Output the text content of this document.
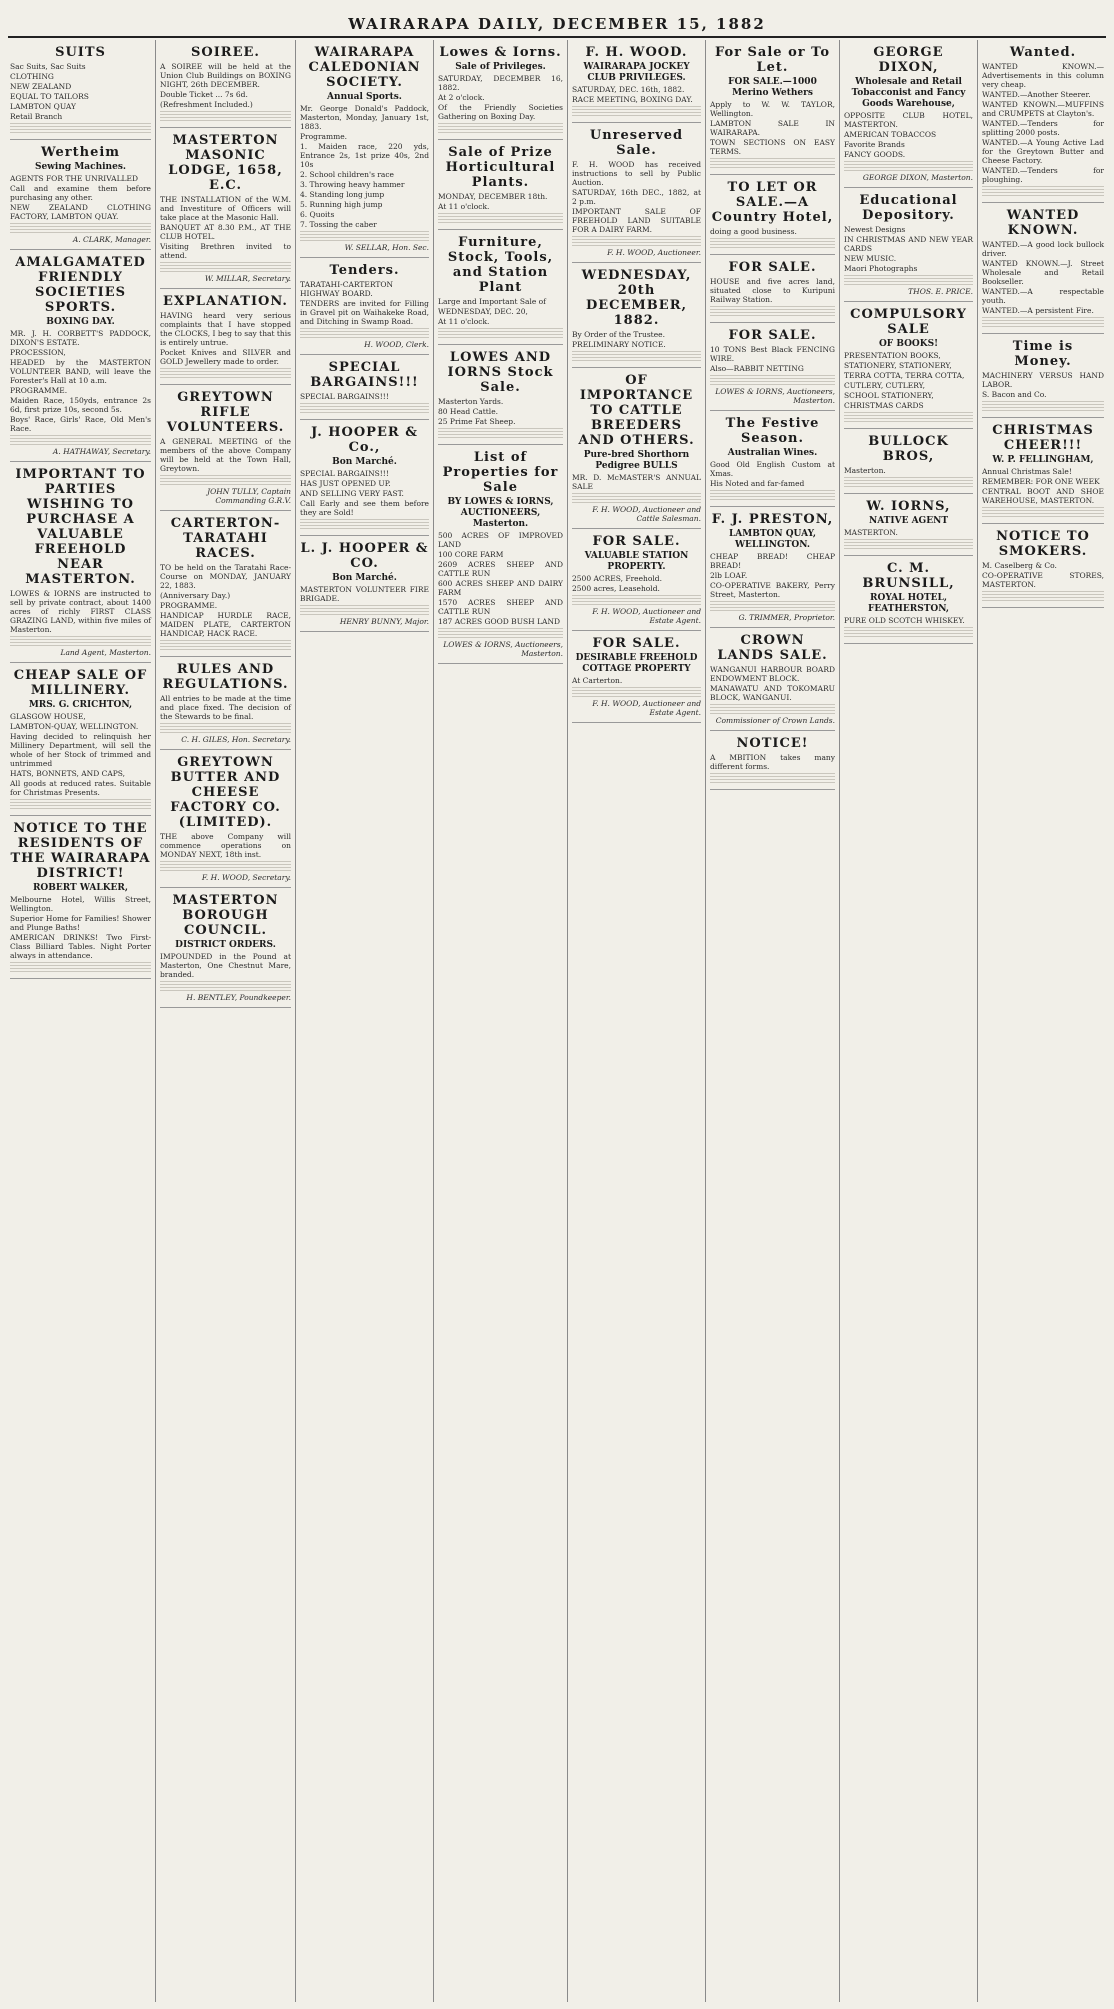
WAIRARAPA DAILY, DECEMBER 15, 1882
SUITS

Sac Suits, Sac Suits

CLOTHING

NEW ZEALAND

EQUAL TO TAILORS

LAMBTON QUAY

Retail Branch

Wertheim
Sewing Machines.

AGENTS FOR THE UNRIVALLED

Call and examine them before purchasing any other.

NEW ZEALAND CLOTHING FACTORY, LAMBTON QUAY.

A. CLARK, Manager.

AMALGAMATED FRIENDLY SOCIETIES SPORTS.
BOXING DAY.

MR. J. H. CORBETT'S PADDOCK, DIXON'S ESTATE.

PROCESSION,

HEADED by the MASTERTON VOLUNTEER BAND, will leave the Forester's Hall at 10 a.m.

PROGRAMME.

Maiden Race, 150yds, entrance 2s 6d, first prize 10s, second 5s.

Boys' Race, Girls' Race, Old Men's Race.

A. HATHAWAY, Secretary.

IMPORTANT TO PARTIES WISHING TO PURCHASE A VALUABLE FREEHOLD NEAR MASTERTON.

LOWES & IORNS are instructed to sell by private contract, about 1400 acres of richly FIRST CLASS GRAZING LAND, within five miles of Masterton.

Land Agent, Masterton.

CHEAP SALE OF MILLINERY.
MRS. G. CRICHTON,

GLASGOW HOUSE,

LAMBTON-QUAY, WELLINGTON.

Having decided to relinquish her Millinery Department, will sell the whole of her Stock of trimmed and untrimmed

HATS, BONNETS, AND CAPS,

All goods at reduced rates. Suitable for Christmas Presents.

NOTICE TO THE RESIDENTS OF THE WAIRARAPA DISTRICT!
ROBERT WALKER,

Melbourne Hotel, Willis Street, Wellington.

Superior Home for Families! Shower and Plunge Baths!

AMERICAN DRINKS! Two First-Class Billiard Tables. Night Porter always in attendance.

SOIREE.

A SOIREE will be held at the Union Club Buildings on BOXING NIGHT, 26th DECEMBER.

Double Ticket ... 7s 6d.

(Refreshment Included.)

MASTERTON MASONIC LODGE, 1658, E.C.

THE INSTALLATION of the W.M. and Investiture of Officers will take place at the Masonic Hall.

BANQUET AT 8.30 P.M., AT THE CLUB HOTEL.

Visiting Brethren invited to attend.

W. MILLAR, Secretary.

EXPLANATION.

HAVING heard very serious complaints that I have stopped the CLOCKS, I beg to say that this is entirely untrue.

Pocket Knives and SILVER and GOLD Jewellery made to order.

GREYTOWN RIFLE VOLUNTEERS.

A GENERAL MEETING of the members of the above Company will be held at the Town Hall, Greytown.

JOHN TULLY, Captain Commanding G.R.V.

CARTERTON-TARATAHI RACES.

TO be held on the Taratahi Race-Course on MONDAY, JANUARY 22, 1883.

(Anniversary Day.)

PROGRAMME.

HANDICAP HURDLE RACE, MAIDEN PLATE, CARTERTON HANDICAP, HACK RACE.

RULES AND REGULATIONS.

All entries to be made at the time and place fixed. The decision of the Stewards to be final.

C. H. GILES, Hon. Secretary.

GREYTOWN BUTTER AND CHEESE FACTORY CO. (LIMITED).

THE above Company will commence operations on MONDAY NEXT, 18th inst.

F. H. WOOD, Secretary.

MASTERTON BOROUGH COUNCIL.
DISTRICT ORDERS.

IMPOUNDED in the Pound at Masterton, One Chestnut Mare, branded.

H. BENTLEY, Poundkeeper.

WAIRARAPA CALEDONIAN SOCIETY.
Annual Sports.

Mr. George Donald's Paddock, Masterton, Monday, January 1st, 1883.

Programme.

1. Maiden race, 220 yds, Entrance 2s, 1st prize 40s, 2nd 10s

2. School children's race

3. Throwing heavy hammer

4. Standing long jump

5. Running high jump

6. Quoits

7. Tossing the caber

W. SELLAR, Hon. Sec.

Tenders.

TARATAHI-CARTERTON HIGHWAY BOARD.

TENDERS are invited for Filling in Gravel pit on Waihakeke Road, and Ditching in Swamp Road.

H. WOOD, Clerk.

SPECIAL BARGAINS!!!

SPECIAL BARGAINS!!!

J. HOOPER & Co.,
Bon Marché.

SPECIAL BARGAINS!!!

HAS JUST OPENED UP.

AND SELLING VERY FAST.

Call Early and see them before they are Sold!

L. J. HOOPER & CO.
Bon Marché.

MASTERTON VOLUNTEER FIRE BRIGADE.

HENRY BUNNY, Major.

Lowes & Iorns.
Sale of Privileges.

SATURDAY, DECEMBER 16, 1882.

At 2 o'clock.

Of the Friendly Societies Gathering on Boxing Day.

Sale of Prize Horticultural Plants.

MONDAY, DECEMBER 18th.

At 11 o'clock.

Furniture, Stock, Tools, and Station Plant

Large and Important Sale of

WEDNESDAY, DEC. 20,

At 11 o'clock.

LOWES AND IORNS Stock Sale.

Masterton Yards.

80 Head Cattle.

25 Prime Fat Sheep.

List of Properties for Sale
BY LOWES & IORNS, AUCTIONEERS, Masterton.

500 ACRES OF IMPROVED LAND

100 CORE FARM

2609 ACRES SHEEP AND CATTLE RUN

600 ACRES SHEEP AND DAIRY FARM

1570 ACRES SHEEP AND CATTLE RUN

187 ACRES GOOD BUSH LAND

LOWES & IORNS, Auctioneers, Masterton.

F. H. WOOD.
WAIRARAPA JOCKEY CLUB PRIVILEGES.

SATURDAY, DEC. 16th, 1882.

RACE MEETING, BOXING DAY.

Unreserved Sale.

F. H. WOOD has received instructions to sell by Public Auction.

SATURDAY, 16th DEC., 1882, at 2 p.m.

IMPORTANT SALE OF FREEHOLD LAND SUITABLE FOR A DAIRY FARM.

F. H. WOOD, Auctioneer.

WEDNESDAY, 20th DECEMBER, 1882.

By Order of the Trustee.

PRELIMINARY NOTICE.

OF IMPORTANCE TO CATTLE BREEDERS AND OTHERS.
Pure-bred Shorthorn Pedigree BULLS

MR. D. McMASTER'S ANNUAL SALE

F. H. WOOD, Auctioneer and Cattle Salesman.

FOR SALE.
VALUABLE STATION PROPERTY.

2500 ACRES, Freehold.

2500 acres, Leasehold.

F. H. WOOD, Auctioneer and Estate Agent.

FOR SALE.
DESIRABLE FREEHOLD COTTAGE PROPERTY

At Carterton.

F. H. WOOD, Auctioneer and Estate Agent.

For Sale or To Let.
FOR SALE.—1000 Merino Wethers

Apply to W. W. TAYLOR, Wellington.

LAMBTON SALE IN WAIRARAPA.

TOWN SECTIONS ON EASY TERMS.

TO LET OR SALE.—A Country Hotel,

doing a good business.

FOR SALE.

HOUSE and five acres land, situated close to Kuripuni Railway Station.

FOR SALE.

10 TONS Best Black FENCING WIRE.

Also—RABBIT NETTING

LOWES & IORNS, Auctioneers, Masterton.

The Festive Season.
Australian Wines.

Good Old English Custom at Xmas.

His Noted and far-famed

F. J. PRESTON,
LAMBTON QUAY, WELLINGTON.

CHEAP BREAD! CHEAP BREAD!

2lb LOAF.

CO-OPERATIVE BAKERY, Perry Street, Masterton.

G. TRIMMER, Proprietor.

CROWN LANDS SALE.

WANGANUI HARBOUR BOARD ENDOWMENT BLOCK.

MANAWATU AND TOKOMARU BLOCK, WANGANUI.

Commissioner of Crown Lands.

NOTICE!

A MBITION takes many different forms.

GEORGE DIXON,
Wholesale and Retail Tobacconist and Fancy Goods Warehouse,

OPPOSITE CLUB HOTEL, MASTERTON.

AMERICAN TOBACCOS

Favorite Brands

FANCY GOODS.

GEORGE DIXON, Masterton.

Educational Depository.

Newest Designs

IN CHRISTMAS AND NEW YEAR CARDS

NEW MUSIC.

Maori Photographs

THOS. E. PRICE.

COMPULSORY SALE
OF BOOKS!

PRESENTATION BOOKS,

STATIONERY, STATIONERY,

TERRA COTTA, TERRA COTTA,

CUTLERY, CUTLERY,

SCHOOL STATIONERY,

CHRISTMAS CARDS

BULLOCK BROS,

Masterton.

W. IORNS,
NATIVE AGENT

MASTERTON.

C. M. BRUNSILL,
ROYAL HOTEL, FEATHERSTON,

PURE OLD SCOTCH WHISKEY.

Wanted.

WANTED KNOWN.—Advertisements in this column very cheap.

WANTED.—Another Steerer.

WANTED KNOWN.—MUFFINS and CRUMPETS at Clayton's.

WANTED.—Tenders for splitting 2000 posts.

WANTED.—A Young Active Lad for the Greytown Butter and Cheese Factory.

WANTED.—Tenders for ploughing.

WANTED KNOWN.

WANTED.—A good lock bullock driver.

WANTED KNOWN.—J. Street Wholesale and Retail Bookseller.

WANTED.—A respectable youth.

WANTED.—A persistent Fire.

Time is Money.

MACHINERY VERSUS HAND LABOR.

S. Bacon and Co.

CHRISTMAS CHEER!!!
W. P. FELLINGHAM,

Annual Christmas Sale!

REMEMBER: FOR ONE WEEK

CENTRAL BOOT AND SHOE WAREHOUSE, MASTERTON.

NOTICE TO SMOKERS.

M. Caselberg & Co.

CO-OPERATIVE STORES, MASTERTON.
